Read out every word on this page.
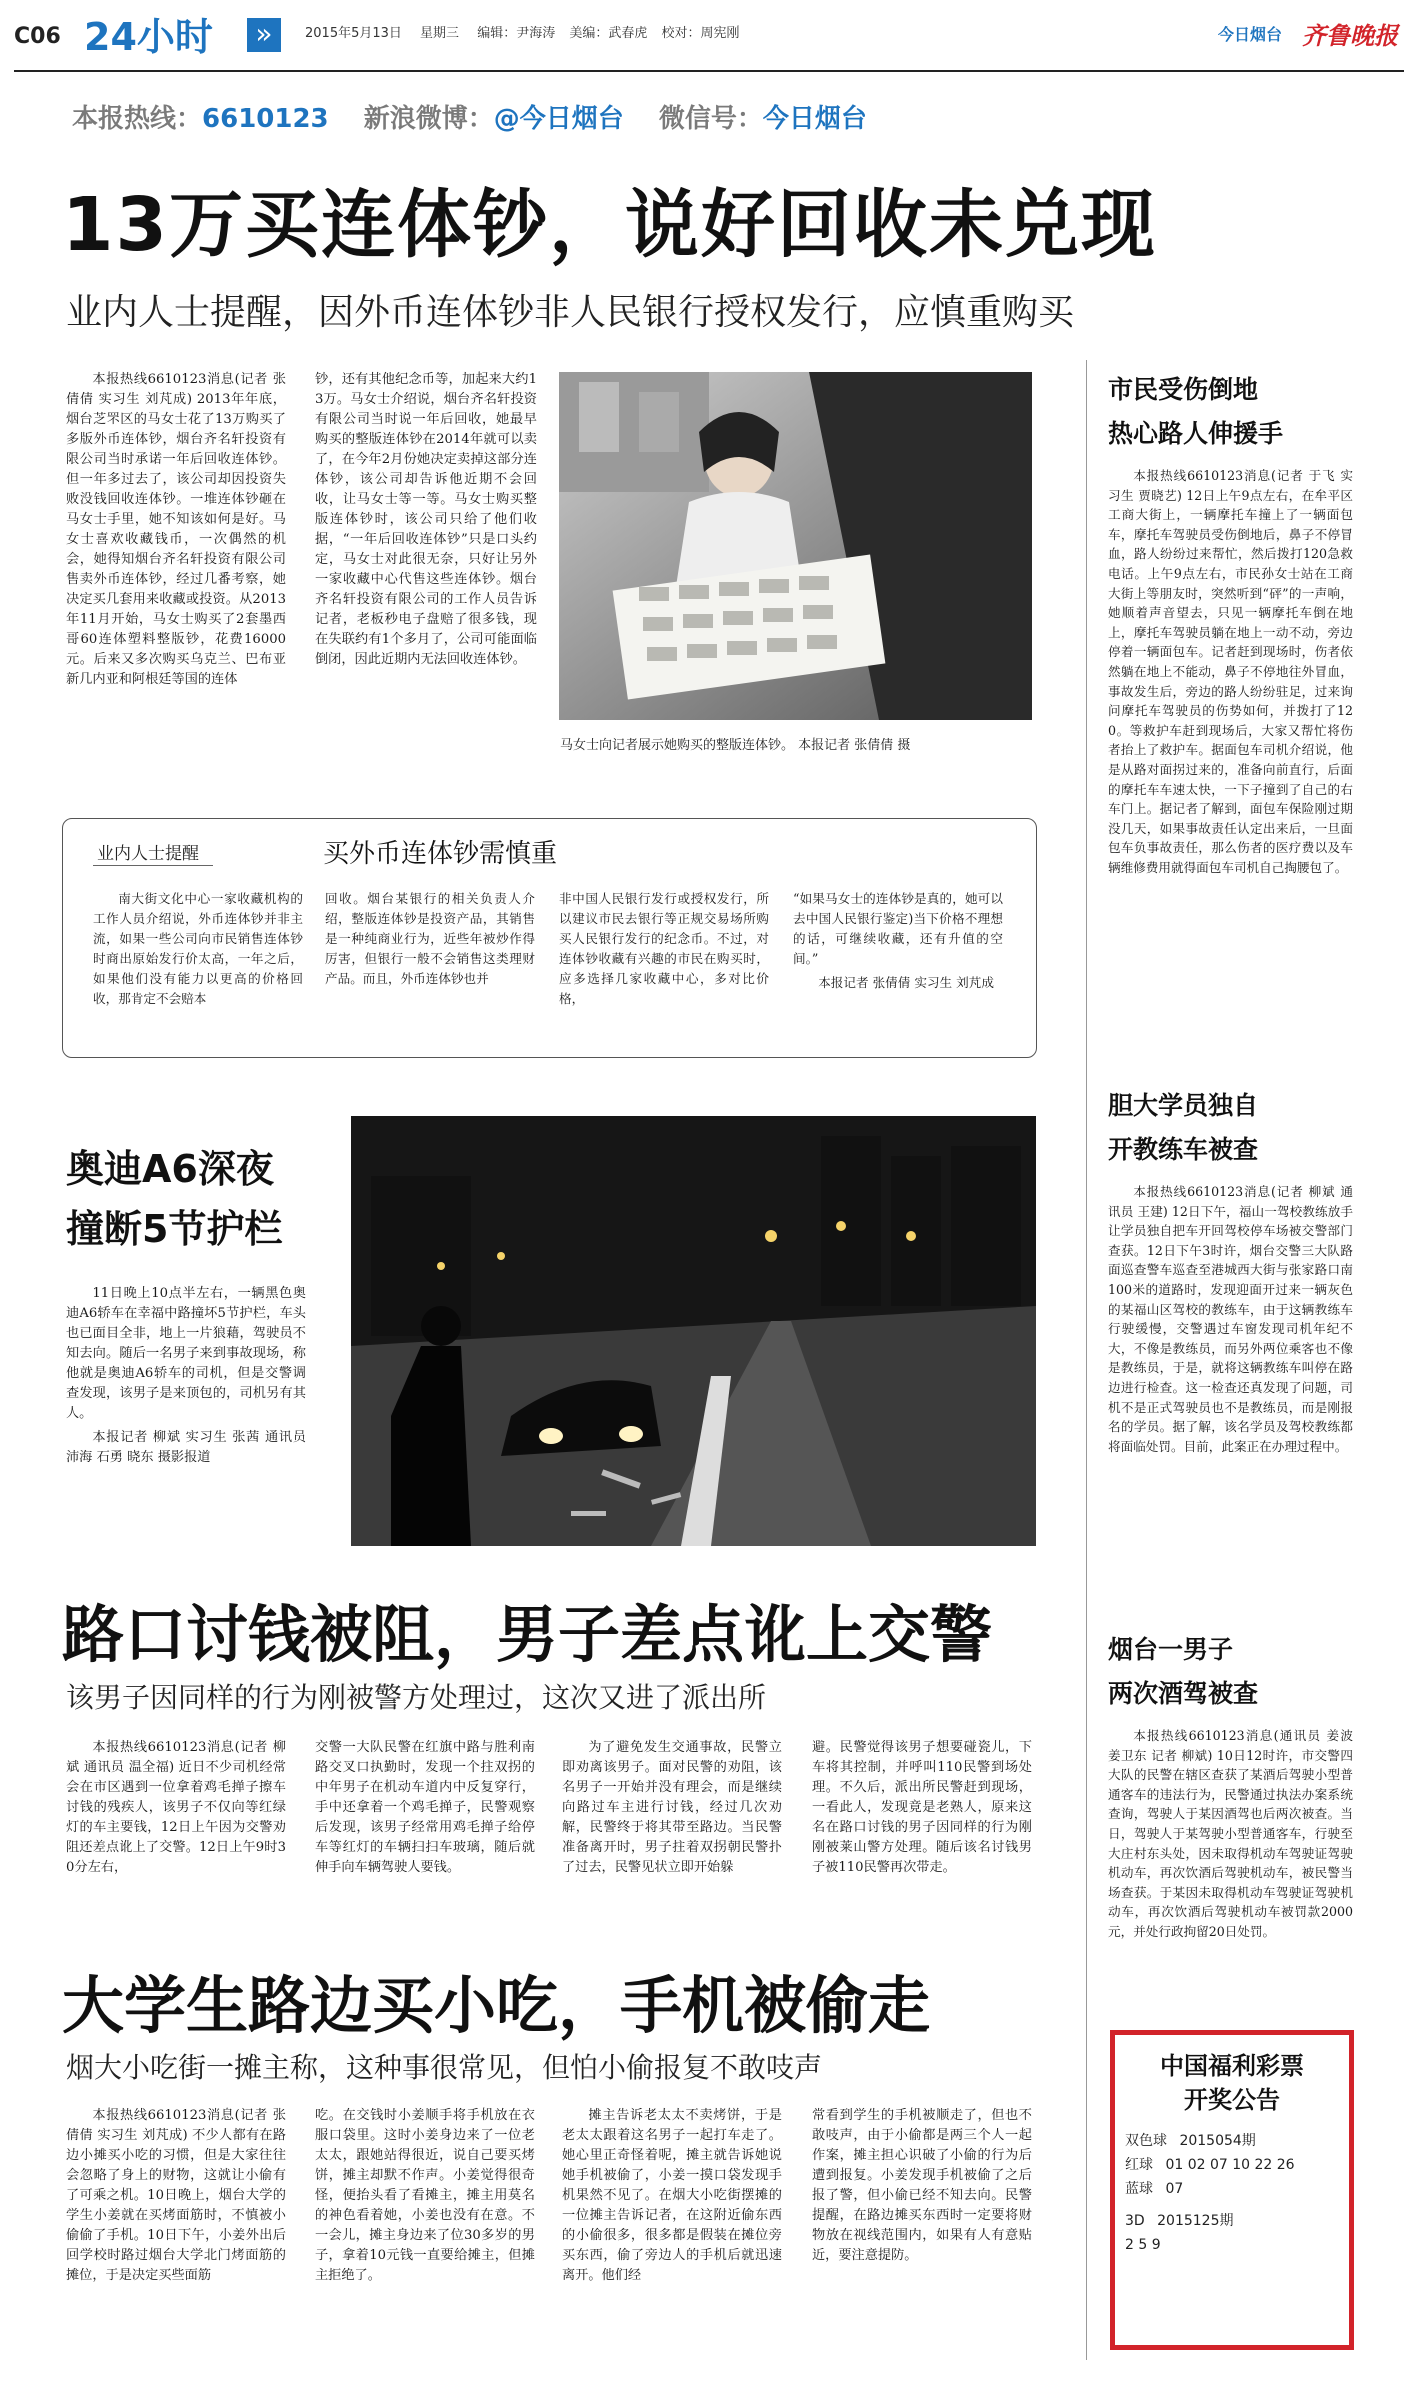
C06 24小时	»	2015年5月13日 星期三 编辑：尹海涛 美编：武春虎 校对：周宪刚	今日烟台 齐鲁晚报
本报热线：6610123 新浪微博：@今日烟台 微信号：今日烟台
13万买连体钞，说好回收未兑现
业内人士提醒，因外币连体钞非人民银行授权发行，应慎重购买

本报热线6610123消息(记者 张倩倩 实习生 刘芃成) 2013年年底，烟台芝罘区的马女士花了13万购买了多版外币连体钞，烟台齐名轩投资有限公司当时承诺一年后回收连体钞。但一年多过去了，该公司却因投资失败没钱回收连体钞。一堆连体钞砸在马女士手里，她不知该如何是好。马女士喜欢收藏钱币，一次偶然的机会，她得知烟台齐名轩投资有限公司售卖外币连体钞，经过几番考察，她决定买几套用来收藏或投资。从2013年11月开始，马女士购买了2套墨西哥60连体塑料整版钞，花费16000元。后来又多次购买乌克兰、巴布亚新几内亚和阿根廷等国的连体

钞，还有其他纪念币等，加起来大约13万。马女士介绍说，烟台齐名轩投资有限公司当时说一年后回收，她最早购买的整版连体钞在2014年就可以卖了，在今年2月份她决定卖掉这部分连体钞，该公司却告诉他近期不会回收，让马女士等一等。马女士购买整版连体钞时，该公司只给了他们收据，“一年后回收连体钞”只是口头约定，马女士对此很无奈，只好让另外一家收藏中心代售这些连体钞。烟台齐名轩投资有限公司的工作人员告诉记者，老板秒电子盘赔了很多钱，现在失联约有1个多月了，公司可能面临倒闭，因此近期内无法回收连体钞。

马女士向记者展示她购买的整版连体钞。 本报记者 张倩倩 摄
业内人士提醒	买外币连体钞需慎重

南大街文化中心一家收藏机构的工作人员介绍说，外币连体钞并非主流，如果一些公司向市民销售连体钞时商出原始发行价太高，一年之后，如果他们没有能力以更高的价格回收，那肯定不会赔本

回收。烟台某银行的相关负责人介绍，整版连体钞是投资产品，其销售是一种纯商业行为，近些年被炒作得厉害，但银行一般不会销售这类理财产品。而且，外币连体钞也并

非中国人民银行发行或授权发行，所以建议市民去银行等正规交易场所购买人民银行发行的纪念币。不过，对连体钞收藏有兴趣的市民在购买时，应多选择几家收藏中心，多对比价格，

“如果马女士的连体钞是真的，她可以去中国人民银行鉴定)当下价格不理想的话，可继续收藏，还有升值的空间。”

本报记者 张倩倩 实习生 刘芃成

奥迪A6深夜
撞断5节护栏

11日晚上10点半左右，一辆黑色奥迪A6轿车在幸福中路撞坏5节护栏，车头也已面目全非，地上一片狼藉，驾驶员不知去向。随后一名男子来到事故现场，称他就是奥迪A6轿车的司机，但是交警调查发现，该男子是来顶包的，司机另有其人。

本报记者 柳斌 实习生 张茜 通讯员 沛海 石勇 晓东 摄影报道

路口讨钱被阻，男子差点讹上交警
该男子因同样的行为刚被警方处理过，这次又进了派出所

本报热线6610123消息(记者 柳斌 通讯员 温全福) 近日不少司机经常会在市区遇到一位拿着鸡毛掸子擦车讨钱的残疾人，该男子不仅向等红绿灯的车主要钱，12日上午因为交警劝阻还差点讹上了交警。12日上午9时30分左右，

交警一大队民警在红旗中路与胜利南路交叉口执勤时，发现一个拄双拐的中年男子在机动车道内中反复穿行，手中还拿着一个鸡毛掸子，民警观察后发现，该男子经常用鸡毛掸子给停车等红灯的车辆扫扫车玻璃，随后就伸手向车辆驾驶人要钱。

为了避免发生交通事故，民警立即劝离该男子。面对民警的劝阻，该名男子一开始并没有理会，而是继续向路过车主进行讨钱，经过几次劝解，民警终于将其带至路边。当民警准备离开时，男子拄着双拐朝民警扑了过去，民警见状立即开始躲

避。民警觉得该男子想要碰瓷儿，下车将其控制，并呼叫110民警到场处理。不久后，派出所民警赶到现场，一看此人，发现竟是老熟人，原来这名在路口讨钱的男子因同样的行为刚刚被莱山警方处理。随后该名讨钱男子被110民警再次带走。

大学生路边买小吃，手机被偷走
烟大小吃街一摊主称，这种事很常见，但怕小偷报复不敢吱声

本报热线6610123消息(记者 张倩倩 实习生 刘芃成) 不少人都有在路边小摊买小吃的习惯，但是大家往往会忽略了身上的财物，这就让小偷有了可乘之机。10日晚上，烟台大学的学生小姜就在买烤面筋时，不慎被小偷偷了手机。10日下午，小姜外出后回学校时路过烟台大学北门烤面筋的摊位，于是决定买些面筋

吃。在交钱时小姜顺手将手机放在衣服口袋里。这时小姜身边来了一位老太太，跟她站得很近，说自己要买烤饼，摊主却默不作声。小姜觉得很奇怪，便抬头看了看摊主，摊主用莫名的神色看着她，小姜也没有在意。不一会儿，摊主身边来了位30多岁的男子，拿着10元钱一直要给摊主，但摊主拒绝了。

摊主告诉老太太不卖烤饼，于是老太太跟着这名男子一起打车走了。她心里正奇怪着呢，摊主就告诉她说她手机被偷了，小姜一摸口袋发现手机果然不见了。在烟大小吃街摆摊的一位摊主告诉记者，在这附近偷东西的小偷很多，很多都是假装在摊位旁买东西，偷了旁边人的手机后就迅速离开。他们经

常看到学生的手机被顺走了，但也不敢吱声，由于小偷都是两三个人一起作案，摊主担心识破了小偷的行为后遭到报复。小姜发现手机被偷了之后报了警，但小偷已经不知去向。民警提醒，在路边摊买东西时一定要将财物放在视线范围内，如果有人有意贴近，要注意提防。

市民受伤倒地
热心路人伸援手

本报热线6610123消息(记者 于飞 实习生 贾晓艺) 12日上午9点左右，在牟平区工商大街上，一辆摩托车撞上了一辆面包车，摩托车驾驶员受伤倒地后，鼻子不停冒血，路人纷纷过来帮忙，然后拨打120急救电话。上午9点左右，市民孙女士站在工商大街上等朋友时，突然听到“砰”的一声响，她顺着声音望去，只见一辆摩托车倒在地上，摩托车驾驶员躺在地上一动不动，旁边停着一辆面包车。记者赶到现场时，伤者依然躺在地上不能动，鼻子不停地往外冒血，事故发生后，旁边的路人纷纷驻足，过来询问摩托车驾驶员的伤势如何，并拨打了120。等救护车赶到现场后，大家又帮忙将伤者抬上了救护车。据面包车司机介绍说，他是从路对面拐过来的，准备向前直行，后面的摩托车车速太快，一下子撞到了自己的右车门上。据记者了解到，面包车保险刚过期没几天，如果事故责任认定出来后，一旦面包车负事故责任，那么伤者的医疗费以及车辆维修费用就得面包车司机自己掏腰包了。

胆大学员独自
开教练车被查

本报热线6610123消息(记者 柳斌 通讯员 王建) 12日下午，福山一驾校教练放手让学员独自把车开回驾校停车场被交警部门查获。12日下午3时许，烟台交警三大队路面巡查警车巡查至港城西大街与张家路口南100米的道路时，发现迎面开过来一辆灰色的某福山区驾校的教练车，由于这辆教练车行驶缓慢，交警遇过车窗发现司机年纪不大，不像是教练员，而另外两位乘客也不像是教练员，于是，就将这辆教练车叫停在路边进行检查。这一检查还真发现了问题，司机不是正式驾驶员也不是教练员，而是刚报名的学员。据了解，该名学员及驾校教练都将面临处罚。目前，此案正在办理过程中。

烟台一男子
两次酒驾被查

本报热线6610123消息(通讯员 姜波 姜卫东 记者 柳斌) 10日12时许，市交警四大队的民警在辖区查获了某酒后驾驶小型普通客车的违法行为，民警通过执法办案系统查询，驾驶人于某因酒驾也后两次被查。当日，驾驶人于某驾驶小型普通客车，行驶至大庄村东头处，因未取得机动车驾驶证驾驶机动车，再次饮酒后驾驶机动车，被民警当场查获。于某因未取得机动车驾驶证驾驶机动车，再次饮酒后驾驶机动车被罚款2000元，并处行政拘留20日处罚。

中国福利彩票
开奖公告
双色球 2015054期
红球 01 02 07 10 22 26
蓝球 07
3D 2015125期
2 5 9
